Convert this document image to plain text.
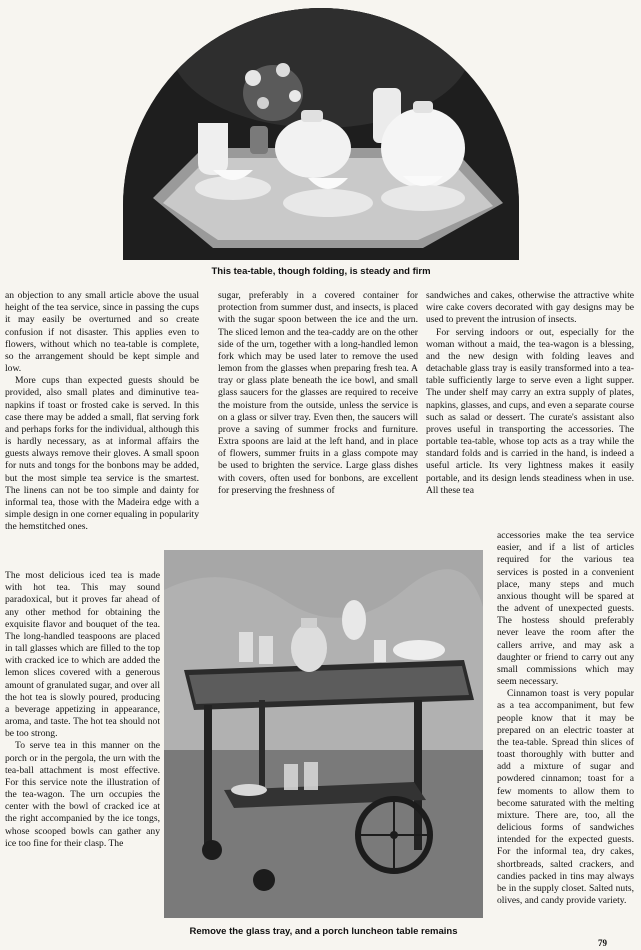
This tea-table, though folding, is steady and firm

an objection to any small article above the usual height of the tea service, since in passing the cups it may easily be overturned and so create confusion if not disaster. This applies even to flowers, without which no tea-table is complete, so the arrangement should be kept simple and low.

More cups than expected guests should be provided, also small plates and diminutive tea-napkins if toast or frosted cake is served. In this case there may be added a small, flat serving fork and perhaps forks for the individual, although this is hardly necessary, as at informal affairs the guests always remove their gloves. A small spoon for nuts and tongs for the bonbons may be added, but the most simple tea service is the smartest. The linens can not be too simple and dainty for informal tea, those with the Madeira edge with a simple design in one corner equaling in popularity the hemstitched ones.

The most delicious iced tea is made with hot tea. This may sound paradoxical, but it proves far ahead of any other method for obtaining the exquisite flavor and bouquet of the tea. The long-handled teaspoons are placed in tall glasses which are filled to the top with cracked ice to which are added the lemon slices covered with a generous amount of granulated sugar, and over all the hot tea is slowly poured, producing a beverage appetizing in appearance, aroma, and taste. The hot tea should not be too strong.

To serve tea in this manner on the porch or in the pergola, the urn with the tea-ball attachment is most effective. For this service note the illustration of the tea-wagon. The urn occupies the center with the bowl of cracked ice at the right accompanied by the ice tongs, whose scooped bowls can gather any ice too fine for their clasp. The

sugar, preferably in a covered container for protection from summer dust, and insects, is placed with the sugar spoon between the ice and the urn. The sliced lemon and the tea-caddy are on the other side of the urn, together with a long-handled lemon fork which may be used later to remove the used lemon from the glasses when preparing fresh tea. A tray or glass plate beneath the ice bowl, and small glass saucers for the glasses are required to receive the moisture from the outside, unless the service is on a glass or silver tray. Even then, the saucers will prove a saving of summer frocks and furniture. Extra spoons are laid at the left hand, and in place of flowers, summer fruits in a glass compote may be used to brighten the service. Large glass dishes with covers, often used for bonbons, are excellent for preserving the freshness of

sandwiches and cakes, otherwise the attractive white wire cake covers decorated with gay designs may be used to prevent the intrusion of insects.

For serving indoors or out, especially for the woman without a maid, the tea-wagon is a blessing, and the new design with folding leaves and detachable glass tray is easily transformed into a tea-table sufficiently large to serve even a light supper. The under shelf may carry an extra supply of plates, napkins, glasses, and cups, and even a separate course such as salad or dessert. The curate's assistant also proves useful in transporting the accessories. The portable tea-table, whose top acts as a tray while the standard folds and is carried in the hand, is indeed a useful article. Its very lightness makes it easily portable, and its design lends steadiness when in use. All these tea

accessories make the tea service easier, and if a list of articles required for the various tea services is posted in a convenient place, many steps and much anxious thought will be spared at the advent of unexpected guests. The hostess should preferably never leave the room after the callers arrive, and may ask a daughter or friend to carry out any small commissions which may seem necessary.

Cinnamon toast is very popular as a tea accompaniment, but few people know that it may be prepared on an electric toaster at the tea-table. Spread thin slices of toast thoroughly with butter and add a mixture of sugar and powdered cinnamon; toast for a few moments to allow them to become saturated with the melting mixture. There are, too, all the delicious forms of sandwiches intended for the expected guests. For the informal tea, dry cakes, shortbreads, salted crackers, and candies packed in tins may always be in the supply closet. Salted nuts, olives, and candy provide variety.

Remove the glass tray, and a porch luncheon table remains
79
